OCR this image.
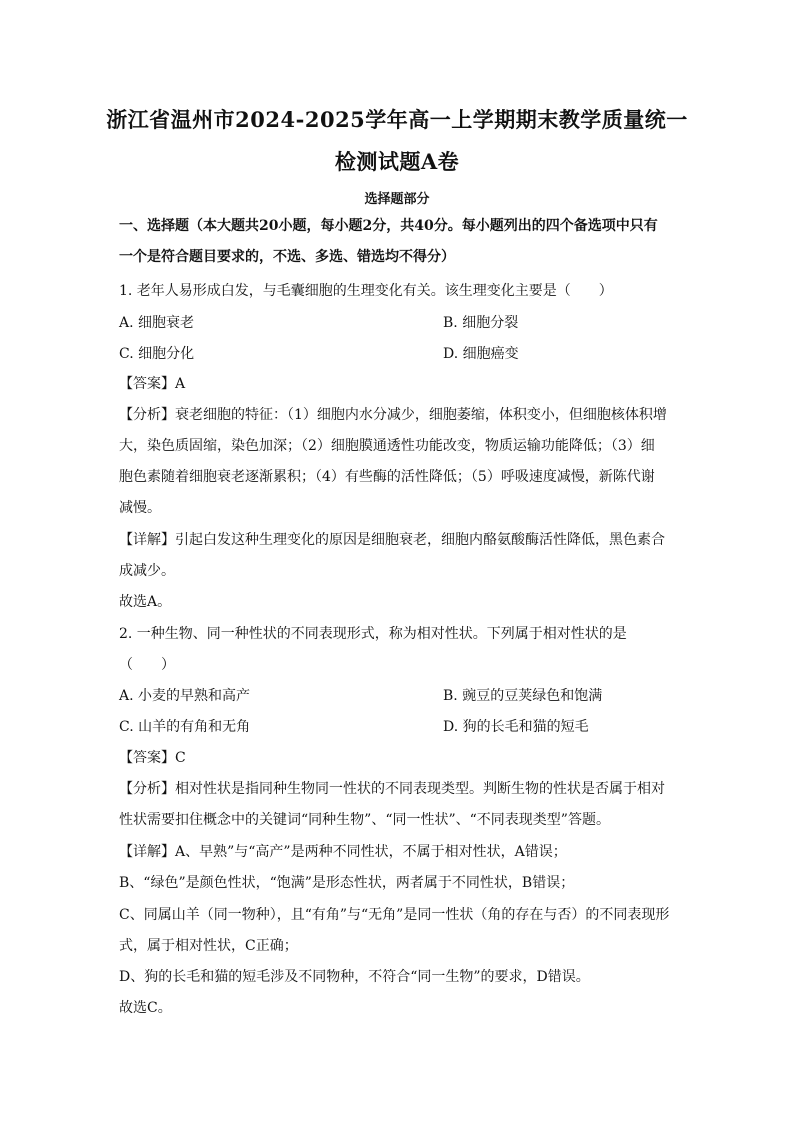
浙江省温州市2024-2025学年高一上学期期末教学质量统一
检测试题A卷
选择题部分
一、选择题（本大题共20小题，每小题2分，共40分。每小题列出的四个备选项中只有
一个是符合题目要求的，不选、多选、错选均不得分）
1. 老年人易形成白发，与毛囊细胞的生理变化有关。该生理变化主要是（　　）
A. 细胞衰老	B. 细胞分裂
C. 细胞分化	D. 细胞癌变
【答案】A
【分析】衰老细胞的特征：（1）细胞内水分减少，细胞萎缩，体积变小，但细胞核体积增
大，染色质固缩，染色加深；（2）细胞膜通透性功能改变，物质运输功能降低；（3）细
胞色素随着细胞衰老逐渐累积；（4）有些酶的活性降低；（5）呼吸速度减慢，新陈代谢
减慢。
【详解】引起白发这种生理变化的原因是细胞衰老，细胞内酪氨酸酶活性降低，黑色素合
成减少。
故选A。
2. 一种生物、同一种性状的不同表现形式，称为相对性状。下列属于相对性状的是
（　　）
A. 小麦的早熟和高产	B. 豌豆的豆荚绿色和饱满
C. 山羊的有角和无角	D. 狗的长毛和猫的短毛
【答案】C
【分析】相对性状是指同种生物同一性状的不同表现类型。判断生物的性状是否属于相对
性状需要扣住概念中的关键词“同种生物”、“同一性状”、“不同表现类型”答题。
【详解】A、早熟”与“高产”是两种不同性状，不属于相对性状，A错误；
B、“绿色”是颜色性状，“饱满”是形态性状，两者属于不同性状，B错误；
C、同属山羊（同一物种），且“有角”与“无角”是同一性状（角的存在与否）的不同表现形
式，属于相对性状，C正确；
D、狗的长毛和猫的短毛涉及不同物种，不符合“同一生物”的要求，D错误。
故选C。
